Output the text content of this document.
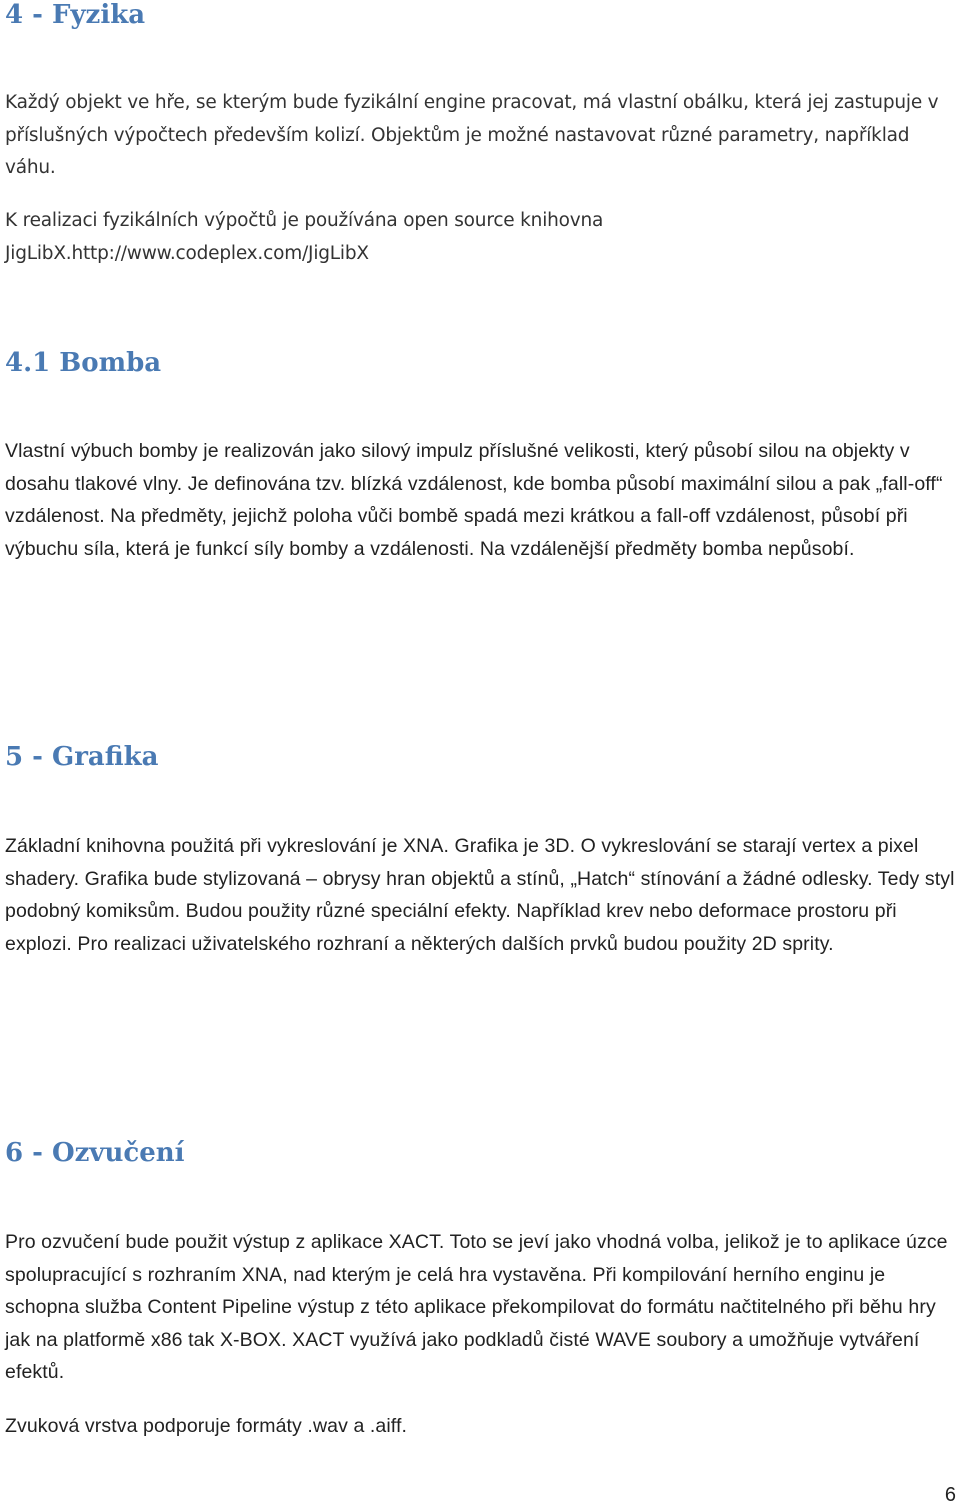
4 - Fyzika

Každý objekt ve hře, se kterým bude fyzikální engine pracovat, má vlastní obálku, která jej zastupuje v příslušných výpočtech především kolizí. Objektům je možné nastavovat různé parametry, například váhu.

K realizaci fyzikálních výpočtů je používána open source knihovna JigLibX.http://www.codeplex.com/JigLibX

4.1 Bomba

Vlastní výbuch bomby je realizován jako silový impulz příslušné velikosti, který působí silou na objekty v dosahu tlakové vlny. Je definována tzv. blízká vzdálenost, kde bomba působí maximální silou a pak „fall-off“ vzdálenost. Na předměty, jejichž poloha vůči bombě spadá mezi krátkou a fall-off vzdálenost, působí při výbuchu síla, která je funkcí síly bomby a vzdálenosti. Na vzdálenější předměty bomba nepůsobí.

5 - Grafika

Základní knihovna použitá při vykreslování je XNA. Grafika je 3D. O vykreslování se starají vertex a pixel shadery. Grafika bude stylizovaná – obrysy hran objektů a stínů, „Hatch“ stínování a žádné odlesky. Tedy styl podobný komiksům. Budou použity různé speciální efekty. Například krev nebo deformace prostoru při explozi. Pro realizaci uživatelského rozhraní a některých dalších prvků budou použity 2D sprity.

6 - Ozvučení

Pro ozvučení bude použit výstup z aplikace XACT. Toto se jeví jako vhodná volba, jelikož je to aplikace úzce spolupracující s rozhraním XNA, nad kterým je celá hra vystavěna. Při kompilování herního enginu je schopna služba Content Pipeline výstup z této aplikace překompilovat do formátu načtitelného při běhu hry jak na platformě x86 tak X-BOX. XACT využívá jako podkladů čisté WAVE soubory a umožňuje vytváření efektů.

Zvuková vrstva podporuje formáty .wav a .aiff.

6
